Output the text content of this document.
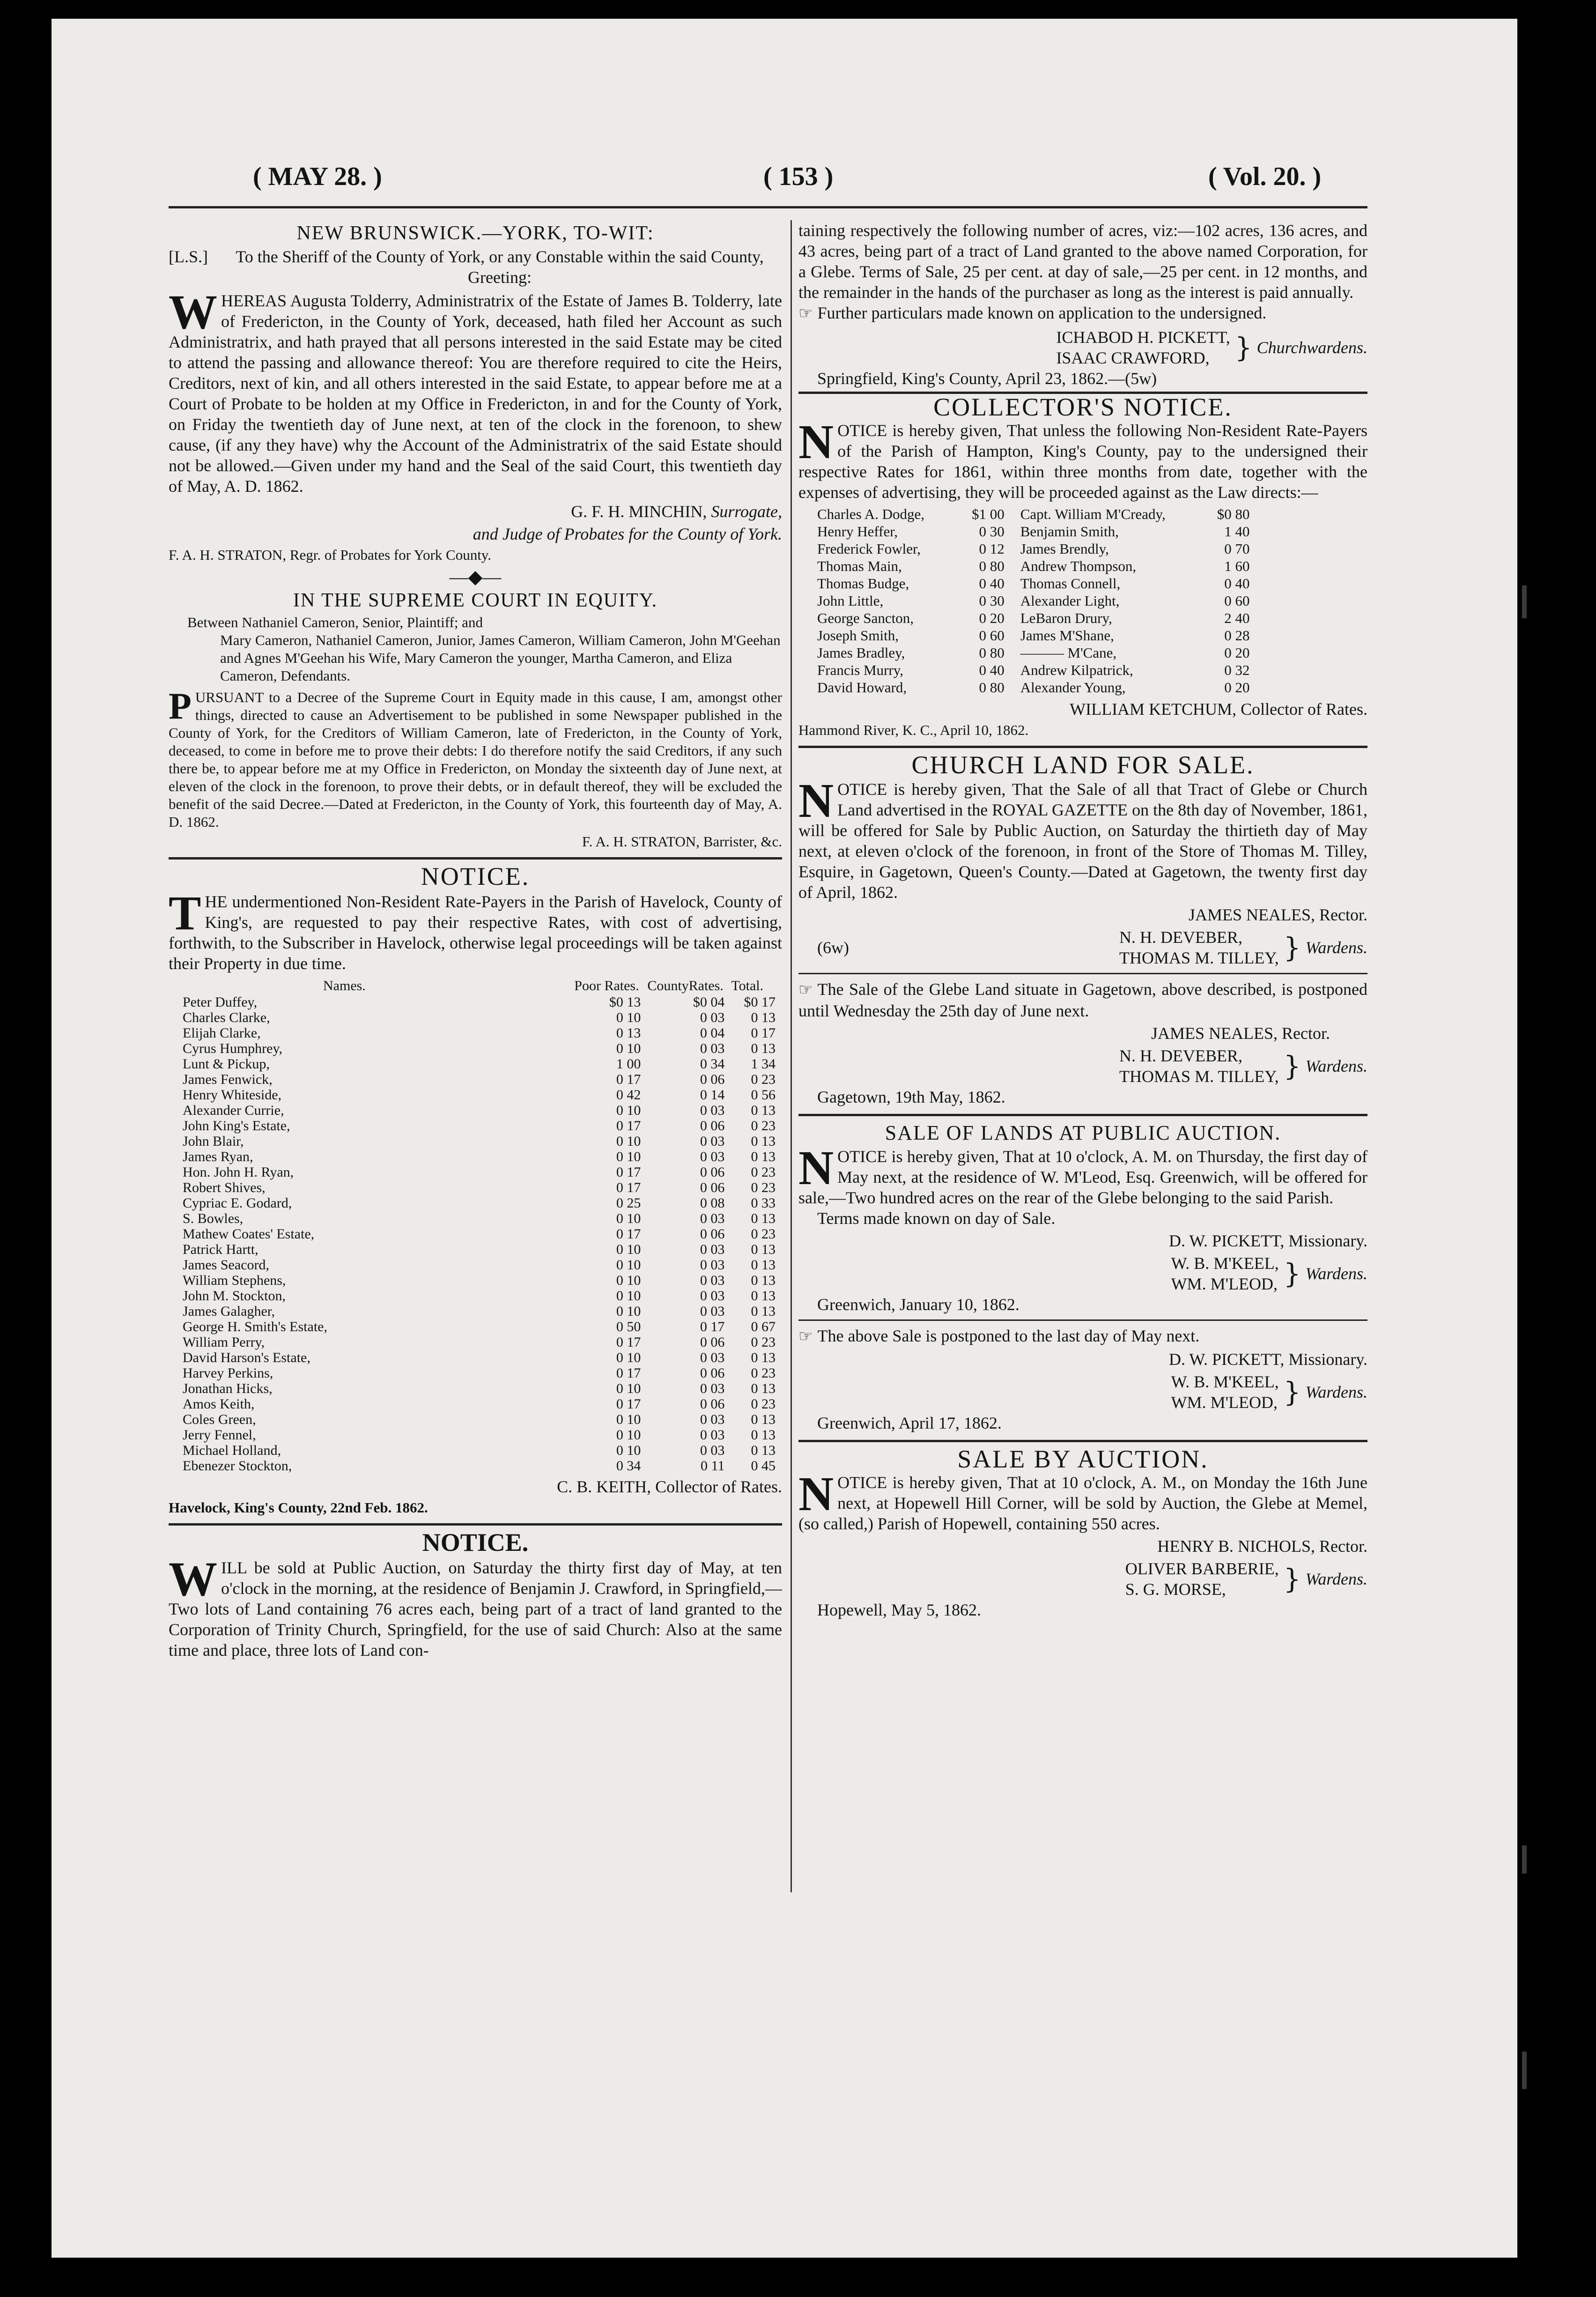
( MAY 28. )	( 153 )	( Vol. 20. )
NEW BRUNSWICK.—YORK, TO-WIT:
[L.S.]	To the Sheriff of the County of York, or any Constable within the said County, Greeting:

WHEREAS Augusta Tolderry, Administratrix of the Estate of James B. Tolderry, late of Fredericton, in the County of York, deceased, hath filed her Account as such Administratrix, and hath prayed that all persons interested in the said Estate may be cited to attend the passing and allowance thereof: You are therefore required to cite the Heirs, Creditors, next of kin, and all others interested in the said Estate, to appear before me at a Court of Probate to be holden at my Office in Fredericton, in and for the County of York, on Friday the twentieth day of June next, at ten of the clock in the forenoon, to shew cause, (if any they have) why the Account of the Administratrix of the said Estate should not be allowed.—Given under my hand and the Seal of the said Court, this twentieth day of May, A. D. 1862.

G. F. H. MINCHIN, Surrogate,
and Judge of Probates for the County of York.
F. A. H. STRATON, Regr. of Probates for York County.
—◆—
IN THE SUPREME COURT IN EQUITY.
Between Nathaniel Cameron, Senior, Plaintiff; and
Mary Cameron, Nathaniel Cameron, Junior, James Cameron, William Cameron, John M'Geehan and Agnes M'Geehan his Wife, Mary Cameron the younger, Martha Cameron, and Eliza Cameron, Defendants.

PURSUANT to a Decree of the Supreme Court in Equity made in this cause, I am, amongst other things, directed to cause an Advertisement to be published in some Newspaper published in the County of York, for the Creditors of William Cameron, late of Fredericton, in the County of York, deceased, to come in before me to prove their debts: I do therefore notify the said Creditors, if any such there be, to appear before me at my Office in Fredericton, on Monday the sixteenth day of June next, at eleven of the clock in the forenoon, to prove their debts, or in default thereof, they will be excluded the benefit of the said Decree.—Dated at Fredericton, in the County of York, this fourteenth day of May, A. D. 1862.

F. A. H. STRATON, Barrister, &c.
NOTICE.

THE undermentioned Non-Resident Rate-Payers in the Parish of Havelock, County of King's, are requested to pay their respective Rates, with cost of advertising, forthwith, to the Subscriber in Havelock, otherwise legal proceedings will be taken against their Property in due time.

Names.	Poor Rates.	CountyRates.	Total.
Peter Duffey,	$0 13	$0 04	$0 17
Charles Clarke,	0 10	0 03	0 13
Elijah Clarke,	0 13	0 04	0 17
Cyrus Humphrey,	0 10	0 03	0 13
Lunt & Pickup,	1 00	0 34	1 34
James Fenwick,	0 17	0 06	0 23
Henry Whiteside,	0 42	0 14	0 56
Alexander Currie,	0 10	0 03	0 13
John King's Estate,	0 17	0 06	0 23
John Blair,	0 10	0 03	0 13
James Ryan,	0 10	0 03	0 13
Hon. John H. Ryan,	0 17	0 06	0 23
Robert Shives,	0 17	0 06	0 23
Cypriac E. Godard,	0 25	0 08	0 33
S. Bowles,	0 10	0 03	0 13
Mathew Coates' Estate,	0 17	0 06	0 23
Patrick Hartt,	0 10	0 03	0 13
James Seacord,	0 10	0 03	0 13
William Stephens,	0 10	0 03	0 13
John M. Stockton,	0 10	0 03	0 13
James Galagher,	0 10	0 03	0 13
George H. Smith's Estate,	0 50	0 17	0 67
William Perry,	0 17	0 06	0 23
David Harson's Estate,	0 10	0 03	0 13
Harvey Perkins,	0 17	0 06	0 23
Jonathan Hicks,	0 10	0 03	0 13
Amos Keith,	0 17	0 06	0 23
Coles Green,	0 10	0 03	0 13
Jerry Fennel,	0 10	0 03	0 13
Michael Holland,	0 10	0 03	0 13
Ebenezer Stockton,	0 34	0 11	0 45
C. B. KEITH, Collector of Rates.
Havelock, King's County, 22nd Feb. 1862.
NOTICE.

WILL be sold at Public Auction, on Saturday the thirty first day of May, at ten o'clock in the morning, at the residence of Benjamin J. Crawford, in Springfield,—Two lots of Land containing 76 acres each, being part of a tract of land granted to the Corporation of Trinity Church, Springfield, for the use of said Church: Also at the same time and place, three lots of Land con-

taining respectively the following number of acres, viz:—102 acres, 136 acres, and 43 acres, being part of a tract of Land granted to the above named Corporation, for a Glebe. Terms of Sale, 25 per cent. at day of sale,—25 per cent. in 12 months, and the remainder in the hands of the purchaser as long as the interest is paid annually.

☞ Further particulars made known on application to the undersigned.

ICHABOD H. PICKETT,
ISAAC CRAWFORD, } Churchwardens.
Springfield, King's County, April 23, 1862.—(5w)
COLLECTOR'S NOTICE.

NOTICE is hereby given, That unless the following Non-Resident Rate-Payers of the Parish of Hampton, King's County, pay to the undersigned their respective Rates for 1861, within three months from date, together with the expenses of advertising, they will be proceeded against as the Law directs:—

Charles A. Dodge,	$1 00	Capt. William M'Cready,	$0 80
Henry Heffer,	0 30	Benjamin Smith,	1 40
Frederick Fowler,	0 12	James Brendly,	0 70
Thomas Main,	0 80	Andrew Thompson,	1 60
Thomas Budge,	0 40	Thomas Connell,	0 40
John Little,	0 30	Alexander Light,	0 60
George Sancton,	0 20	LeBaron Drury,	2 40
Joseph Smith,	0 60	James M'Shane,	0 28
James Bradley,	0 80	——— M'Cane,	0 20
Francis Murry,	0 40	Andrew Kilpatrick,	0 32
David Howard,	0 80	Alexander Young,	0 20
WILLIAM KETCHUM, Collector of Rates.
Hammond River, K. C., April 10, 1862.
CHURCH LAND FOR SALE.

NOTICE is hereby given, That the Sale of all that Tract of Glebe or Church Land advertised in the ROYAL GAZETTE on the 8th day of November, 1861, will be offered for Sale by Public Auction, on Saturday the thirtieth day of May next, at eleven o'clock of the forenoon, in front of the Store of Thomas M. Tilley, Esquire, in Gagetown, Queen's County.—Dated at Gagetown, the twenty first day of April, 1862.

JAMES NEALES, Rector.
(6w)
N. H. DEVEBER,
THOMAS M. TILLEY, } Wardens.

☞ The Sale of the Glebe Land situate in Gagetown, above described, is postponed until Wednesday the 25th day of June next.

JAMES NEALES, Rector.
N. H. DEVEBER,
THOMAS M. TILLEY, } Wardens.
Gagetown, 19th May, 1862.
SALE OF LANDS AT PUBLIC AUCTION.

NOTICE is hereby given, That at 10 o'clock, A. M. on Thursday, the first day of May next, at the residence of W. M'Leod, Esq. Greenwich, will be offered for sale,—Two hundred acres on the rear of the Glebe belonging to the said Parish.

Terms made known on day of Sale.
D. W. PICKETT, Missionary.
W. B. M'KEEL,
WM. M'LEOD, } Wardens.
Greenwich, January 10, 1862.

☞ The above Sale is postponed to the last day of May next.

D. W. PICKETT, Missionary.
W. B. M'KEEL,
WM. M'LEOD, } Wardens.
Greenwich, April 17, 1862.
SALE BY AUCTION.

NOTICE is hereby given, That at 10 o'clock, A. M., on Monday the 16th June next, at Hopewell Hill Corner, will be sold by Auction, the Glebe at Memel, (so called,) Parish of Hopewell, containing 550 acres.

HENRY B. NICHOLS, Rector.
OLIVER BARBERIE,
S. G. MORSE,	} Wardens.
Hopewell, May 5, 1862.
